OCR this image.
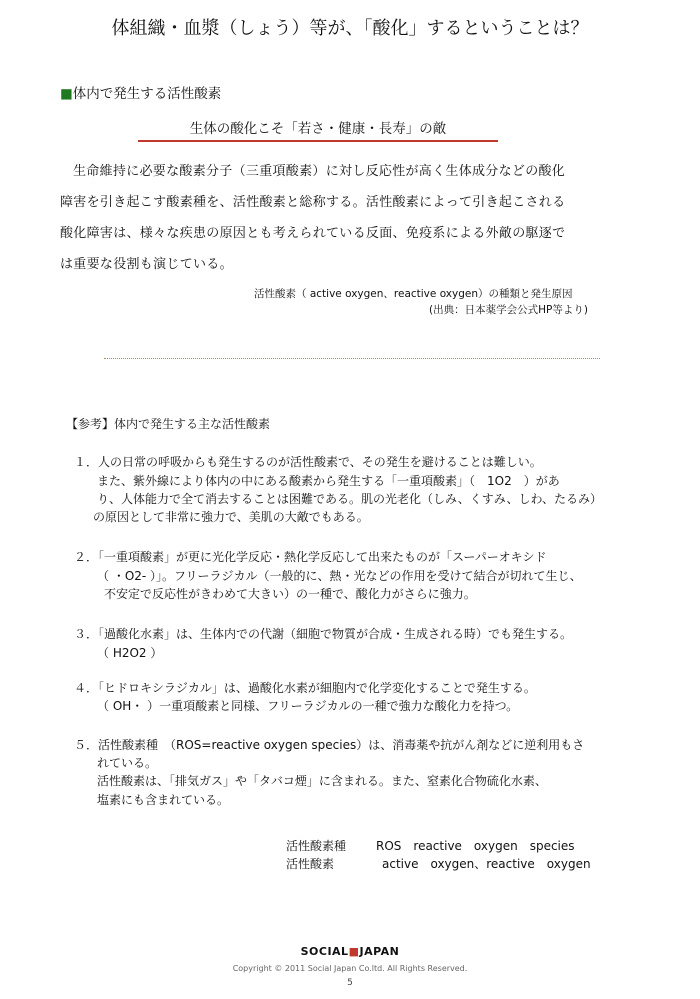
体組織・血漿（しょう）等が、「酸化」するということは？
■体内で発生する活性酸素
生体の酸化こそ「若さ・健康・長寿」の敵
生命維持に必要な酸素分子（三重項酸素）に対し反応性が高く生体成分などの酸化
障害を引き起こす酸素種を、活性酸素と総称する。活性酸素によって引き起こされる
酸化障害は、様々な疾患の原因とも考えられている反面、免疫系による外敵の駆逐で
は重要な役割も演じている。
活性酸素（ active oxygen、reactive oxygen）の種類と発生原因
(出典：日本薬学会公式HP等より)
【参考】体内で発生する主な活性酸素
１．人の日常の呼吸からも発生するのが活性酸素で、その発生を避けることは難しい。
また、紫外線により体内の中にある酸素から発生する「一重項酸素」（　1O2　）があ
り、人体能力で全て消去することは困難である。肌の光老化（しみ、くすみ、しわ、たるみ）
の原因として非常に強力で、美肌の大敵でもある。
２．「一重項酸素」が更に光化学反応・熱化学反応して出来たものが「スーパーオキシド
（ ・O2- ）」。フリーラジカル（一般的に、熱・光などの作用を受けて結合が切れて生じ、
不安定で反応性がきわめて大きい）の一種で、酸化力がさらに強力。
３．「過酸化水素」は、生体内での代謝（細胞で物質が合成・生成される時）でも発生する。
（ H2O2 ）
４．「ヒドロキシラジカル」は、過酸化水素が細胞内で化学変化することで発生する。
（ OH・ ）一重項酸素と同様、フリーラジカルの一種で強力な酸化力を持つ。
５．活性酸素種　（ROS=reactive oxygen species）は、消毒薬や抗がん剤などに逆利用もさ
れている。
活性酸素は、「排気ガス」や「タバコ煙」に含まれる。また、窒素化合物硫化水素、
塩素にも含まれている。
活性酸素種 ROS　reactive　oxygen　species
活性酸素	active　oxygen、reactive　oxygen
SOCIAL■JAPAN
Copyright © 2011 Social Japan Co.ltd. All Rights Reserved.
5
